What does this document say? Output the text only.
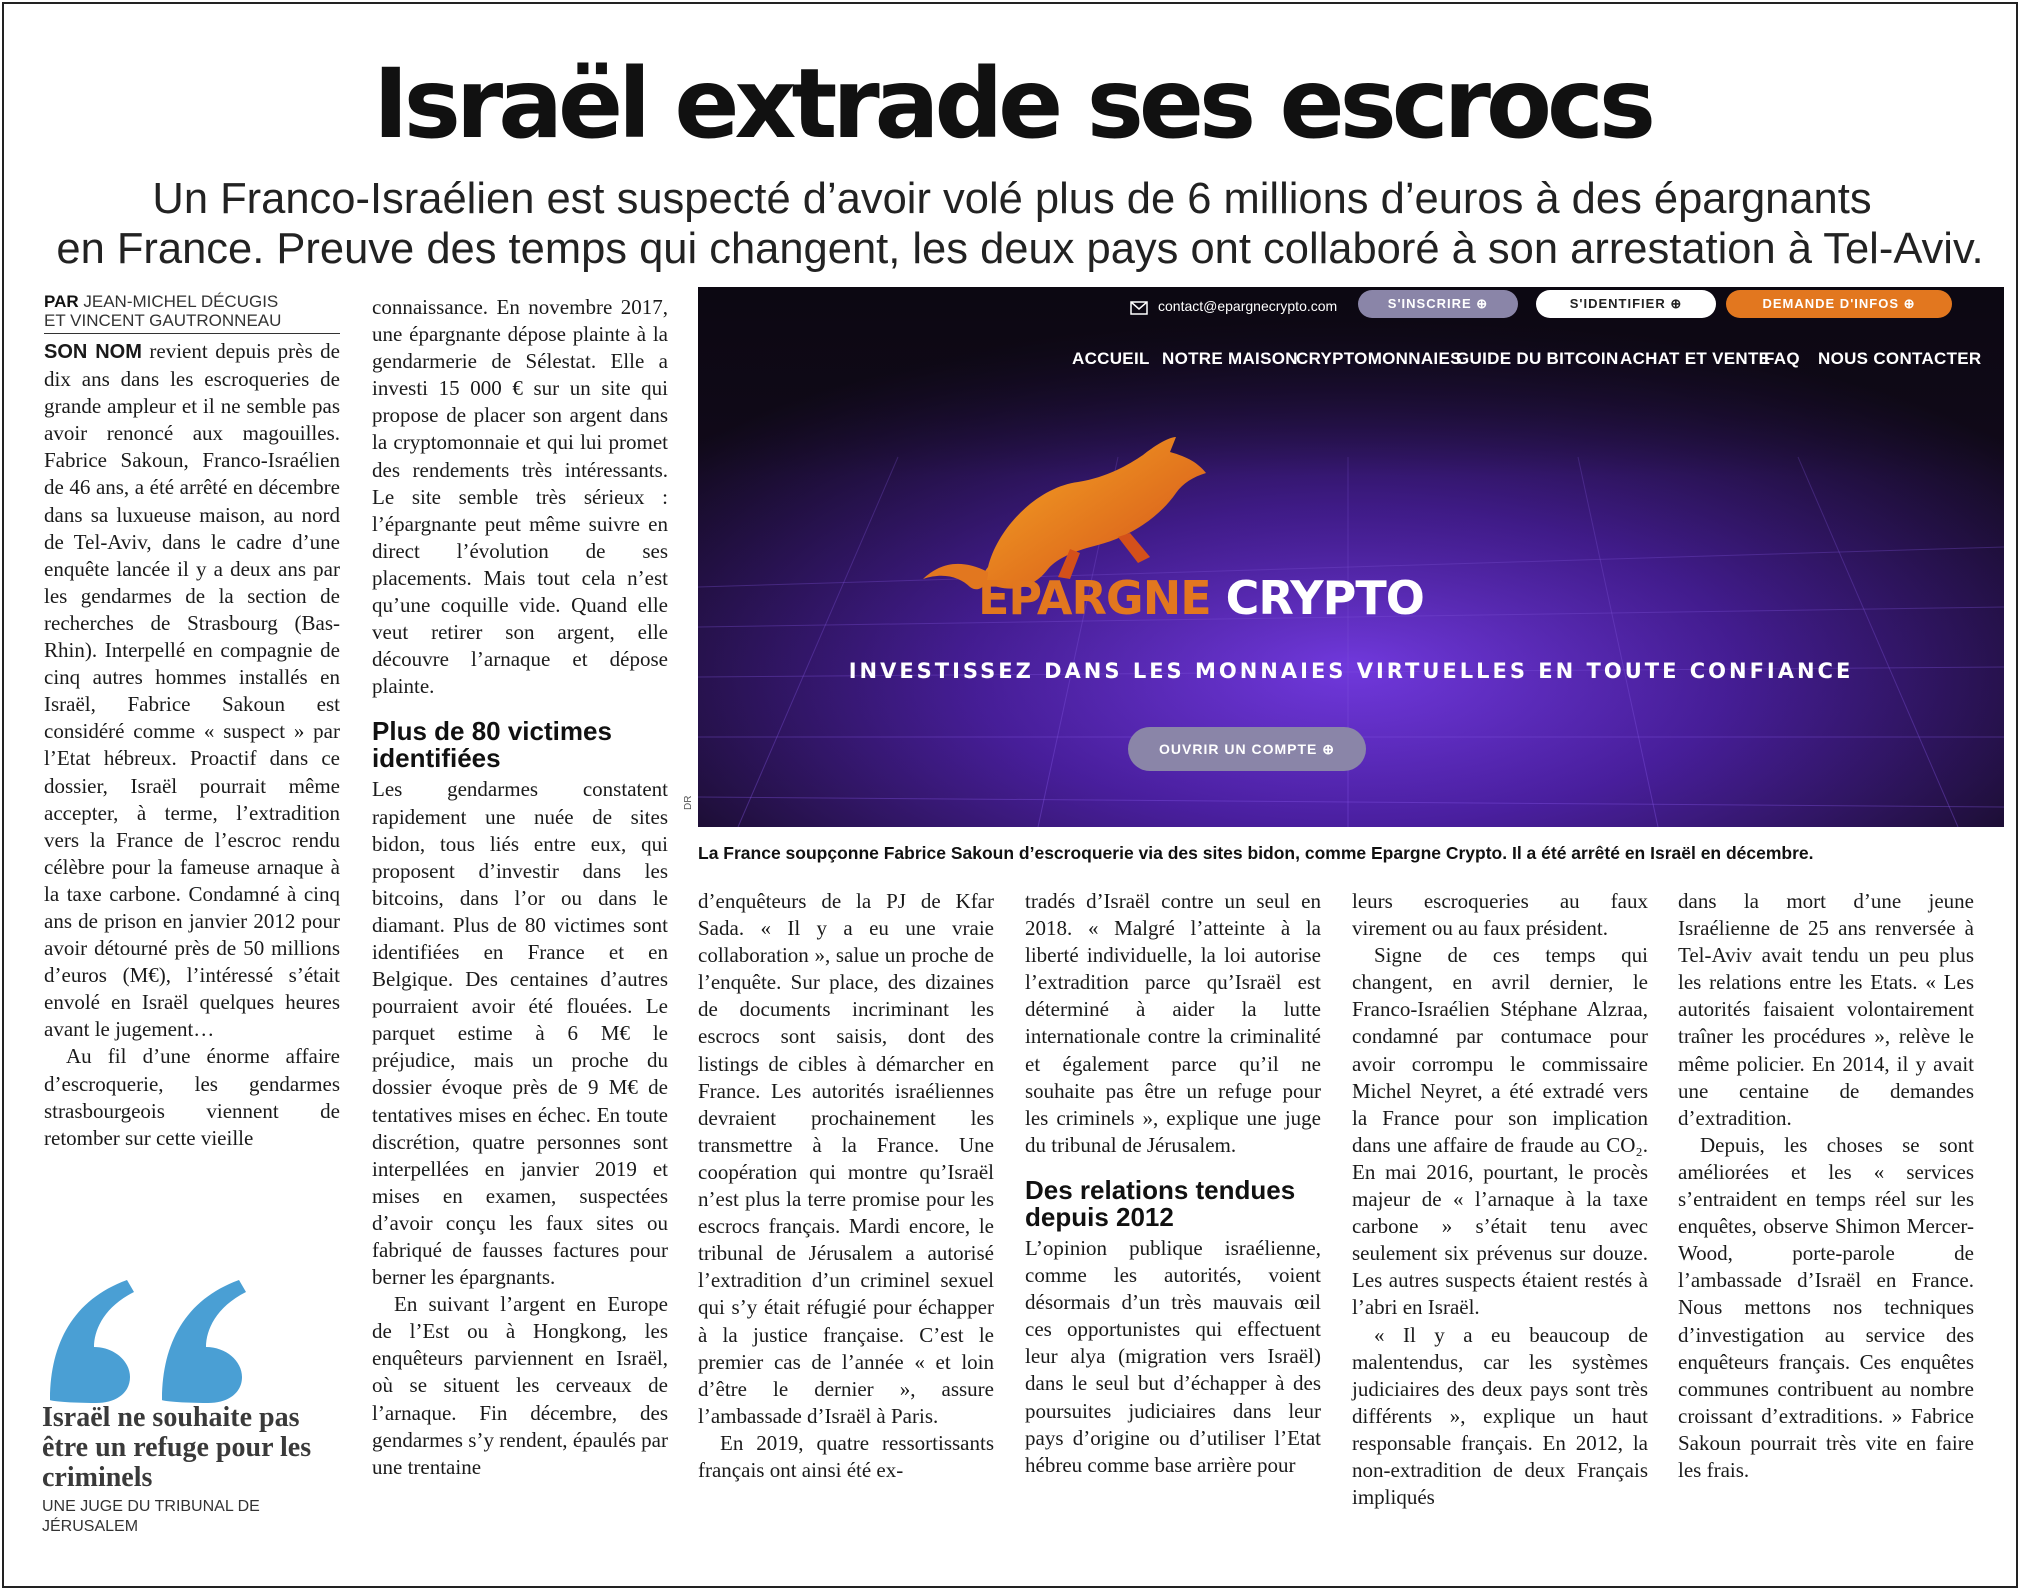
Israël extrade ses escrocs
Un Franco-Israélien est suspecté d’avoir volé plus de 6 millions d’euros à des épargnants
en France. Preuve des temps qui changent, les deux pays ont collaboré à son arrestation à Tel-Aviv.
PAR JEAN-MICHEL DÉCUGIS
ET VINCENT GAUTRONNEAU

SON NOM revient depuis près de dix ans dans les escroqueries de grande ampleur et il ne semble pas avoir renoncé aux magouilles. Fabrice Sakoun, Franco-Israélien de 46 ans, a été arrêté en décembre dans sa luxueuse maison, au nord de Tel-Aviv, dans le cadre d’une enquête lancée il y a deux ans par les gendarmes de la section de recherches de Strasbourg (Bas-Rhin). Interpellé en compagnie de cinq autres hommes installés en Israël, Fabrice Sakoun est considéré comme « suspect » par l’Etat hébreux. Proactif dans ce dossier, Israël pourrait même accepter, à terme, l’extradition vers la France de l’escroc rendu célèbre pour la fameuse arnaque à la taxe carbone. Condamné à cinq ans de prison en janvier 2012 pour avoir détourné près de 50 millions d’euros (M€), l’intéressé s’était envolé en Israël quelques heures avant le jugement…

Au fil d’une énorme affaire d’escroquerie, les gendarmes strasbourgeois viennent de retomber sur cette vieille

Israël ne souhaite pas être un refuge pour les criminels
UNE JUGE DU TRIBUNAL DE JÉRUSALEM

connaissance. En novembre 2017, une épargnante dépose plainte à la gendarmerie de Sélestat. Elle a investi 15 000 € sur un site qui propose de placer son argent dans la cryptomonnaie et qui lui promet des rendements très intéressants. Le site semble très sérieux : l’épargnante peut même suivre en direct l’évolution de ses placements. Mais tout cela n’est qu’une coquille vide. Quand elle veut retirer son argent, elle découvre l’arnaque et dépose plainte.

Plus de 80 victimes identifiées

Les gendarmes constatent rapidement une nuée de sites bidon, tous liés entre eux, qui proposent d’investir dans les bitcoins, dans l’or ou dans le diamant. Plus de 80 victimes sont identifiées en France et en Belgique. Des centaines d’autres pourraient avoir été flouées. Le parquet estime à 6 M€ le préjudice, mais un proche du dossier évoque près de 9 M€ de tentatives mises en échec. En toute discrétion, quatre personnes sont interpellées en janvier 2019 et mises en examen, suspectées d’avoir conçu les faux sites ou fabriqué de fausses factures pour berner les épargnants.

En suivant l’argent en Europe de l’Est ou à Hongkong, les enquêteurs parviennent en Israël, où se situent les cerveaux de l’arnaque. Fin décembre, des gendarmes s’y rendent, épaulés par une trentaine

contact@epargnecrypto.com	S'INSCRIRE ⊕	S'IDENTIFIER ⊕	DEMANDE D'INFOS ⊕
ACCUEIL NOTRE MAISON
CRYPTOMONNAIES
GUIDE DU BITCOIN ACHAT ET VENTE
FAQ NOUS CONTACTER
EPARGNE CRYPTO
INVESTISSEZ DANS LES MONNAIES VIRTUELLES EN TOUTE CONFIANCE
OUVRIR UN COMPTE ⊕
DR
La France soupçonne Fabrice Sakoun d’escroquerie via des sites bidon, comme Epargne Crypto. Il a été arrêté en Israël en décembre.

d’enquêteurs de la PJ de Kfar Sada. « Il y a eu une vraie collaboration », salue un proche de l’enquête. Sur place, des dizaines de documents incriminant les escrocs sont saisis, dont des listings de cibles à démarcher en France. Les autorités israéliennes devraient prochainement les transmettre à la France. Une coopération qui montre qu’Israël n’est plus la terre promise pour les escrocs français. Mardi encore, le tribunal de Jérusalem a autorisé l’extradition d’un criminel sexuel qui s’y était réfugié pour échapper à la justice française. C’est le premier cas de l’année « et loin d’être le dernier », assure l’ambassade d’Israël à Paris.

En 2019, quatre ressortissants français ont ainsi été ex-

tradés d’Israël contre un seul en 2018. « Malgré l’atteinte à la liberté individuelle, la loi autorise l’extradition parce qu’Israël est déterminé à aider la lutte internationale contre la criminalité et également parce qu’il ne souhaite pas être un refuge pour les criminels », explique une juge du tribunal de Jérusalem.

Des relations tendues depuis 2012

L’opinion publique israélienne, comme les autorités, voient désormais d’un très mauvais œil ces opportunistes qui effectuent leur alya (migration vers Israël) dans le seul but d’échapper à des poursuites judiciaires dans leur pays d’origine ou d’utiliser l’Etat hébreu comme base arrière pour

leurs escroqueries au faux virement ou au faux président.

Signe de ces temps qui changent, en avril dernier, le Franco-Israélien Stéphane Alzraa, condamné par contumace pour avoir corrompu le commissaire Michel Neyret, a été extradé vers la France pour son implication dans une affaire de fraude au CO₂. En mai 2016, pourtant, le procès majeur de « l’arnaque à la taxe carbone » s’était tenu avec seulement six prévenus sur douze. Les autres suspects étaient restés à l’abri en Israël.

« Il y a eu beaucoup de malentendus, car les systèmes judiciaires des deux pays sont très différents », explique un haut responsable français. En 2012, la non-extradition de deux Français impliqués

dans la mort d’une jeune Israélienne de 25 ans renversée à Tel-Aviv avait tendu un peu plus les relations entre les Etats. « Les autorités faisaient volontairement traîner les procédures », relève le même policier. En 2014, il y avait une centaine de demandes d’extradition.

Depuis, les choses se sont améliorées et les « services s’entraident en temps réel sur les enquêtes, observe Shimon Mercer-Wood, porte-parole de l’ambassade d’Israël en France. Nous mettons nos techniques d’investigation au service des enquêteurs français. Ces enquêtes communes contribuent au nombre croissant d’extraditions. » Fabrice Sakoun pourrait très vite en faire les frais.
